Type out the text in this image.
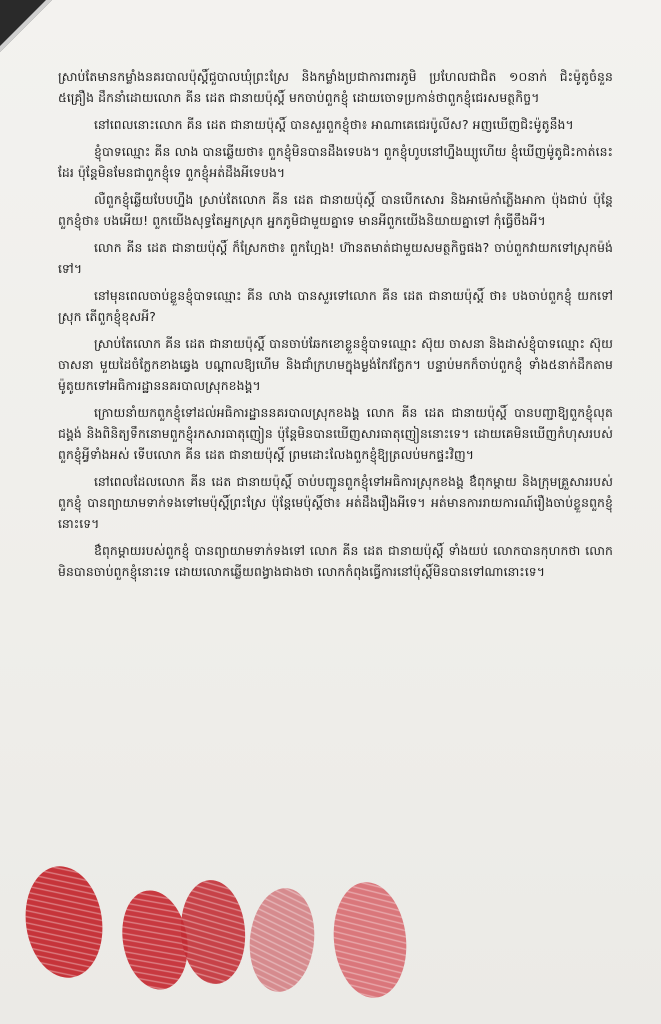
ស្រាប់តែមានកម្លាំងនគរបាលប៉ុស្តិ៍ជួបាលឃុំព្រះស្រែ និងកម្លាំងប្រជាការពារភូមិ ប្រហែលជាជិត ១០នាក់ ជិះម៉ូតូចំនួន ៥គ្រឿង ដឹកនាំដោយលោក គីន ដេត ជានាយប៉ុស្តិ៍ មកចាប់ពួកខ្ញុំ ដោយចោទប្រកាន់ថាពួកខ្ញុំជេរសមត្ថកិច្ច។

នៅពេលនោះលោក គីន ដេត ជានាយប៉ុស្តិ៍ បានសួរពួកខ្ញុំថា៖ អាណាគេជេរប៉ូលីស? អញឃើញជិះម៉ូតូនឹង។

ខ្ញុំបាទឈ្មោះ គីន លាង បានឆ្លើយថា៖ ពួកខ្ញុំមិនបានដឹងទេបង។ ពួកខ្ញុំហូបនៅហ្នឹងឃ្យូហើយ ខ្ញុំឃើញម៉ូតូជិះកាត់នេះដែរ ប៉ុន្តែមិនមែនជាពួកខ្ញុំទេ ពួកខ្ញុំអត់ដឹងអីទេបង។

លឺពួកខ្ញុំឆ្លើយបែបហ្នឹង ស្រាប់តែលោក គីន ដេត ជានាយប៉ុស្តិ៍ បានបើកសោរ និងអាម៉េកាំភ្លើងអាកា ប៉ុងជាប់ ប៉ុន្តែពួកខ្ញុំថា៖ បងអើយ! ពួកយើងសុទ្ធតែអ្នកស្រុក អ្នកភូមិជាមួយគ្នាទេ មានអីពួកយើងនិយាយគ្នាទៅ កុំធ្វើចឹងអី។

លោក គីន ដេត ជានាយប៉ុស្តិ៍ ក៏ស្រែកថា៖ ពួកហ្អែង! ហ៊ានតមាត់ជាមួយសមត្ថកិច្ចផង? ចាប់ពួកវាយកទៅស្រុកម៉ង់ទៅ។

នៅមុនពេលចាប់ខ្លួនខ្ញុំបាទឈ្មោះ គីន លាង បានសួរទៅលោក គីន ដេត ជានាយប៉ុស្តិ៍ ថា៖ បងចាប់ពួកខ្ញុំ យកទៅស្រុក តើពួកខ្ញុំខុសអី?

ស្រាប់តែលោក គីន ដេត ជានាយប៉ុស្តិ៍ បានចាប់ឆែកខោខ្លួនខ្ញុំបាទឈ្មោះ ស៊ុយ ចាសនា និងដាស់ខ្ញុំបាទឈ្មោះ ស៊ុយ ចាសនា មួយដៃចំក្លែកខាងឆ្វេង បណ្តាលឱ្យហើម និងជាំក្រហមក្នុងម្ងង់កែវក្លែក។ បន្ទាប់មកក៏ចាប់ពួកខ្ញុំ ទាំង៥នាក់ដឹកតាមម៉ូតូយកទៅអធិការដ្ឋាននគរបាលស្រុកខងង្គ។

ក្រោយនាំយកពួកខ្ញុំទៅដល់អធិការដ្ឋាននគរបាលស្រុកខងង្គ លោក គីន ដេត ជានាយប៉ុស្តិ៍ បានបញ្ជាឱ្យពួកខ្ញុំលុតជង្គង់ និងពិនិត្យទឹកនោមពួកខ្ញុំរកសារធាតុញៀន ប៉ុន្តែមិនបានឃើញសារធាតុញៀននោះទេ។ ដោយគេមិនឃើញកំហុសរបស់ពួកខ្ញុំអ្វីទាំងអស់ ទើបលោក គីន ដេត ជានាយប៉ុស្តិ៍ ព្រមដោះលែងពួកខ្ញុំឱ្យត្រលប់មកផ្ទះវិញ។

នៅពេលដែលលោក គីន ដេត ជានាយប៉ុស្តិ៍ ចាប់បញ្ជូនពួកខ្ញុំទៅអធិការស្រុកខងង្គ ឳពុកម្តាយ និងក្រុមគ្រួសាររបស់ពួកខ្ញុំ បានព្យាយាមទាក់ទងទៅមេប៉ុស្តិ៍ព្រះស្រែ ប៉ុន្តែមេប៉ុស្តិ៍ថា៖ អត់ដឹងរឿងអីទេ។ អត់មានការរាយការណ៍រឿងចាប់ខ្លួនពួកខ្ញុំនោះទេ។

ឳពុកម្តាយរបស់ពួកខ្ញុំ បានព្យាយាមទាក់ទងទៅ លោក គីន ដេត ជានាយប៉ុស្តិ៍ ទាំងយប់ លោកបានកុហកថា លោកមិនបានចាប់ពួកខ្ញុំនោះទេ ដោយលោកឆ្លើយពង្វាងជាងថា លោកកំពុងធ្វើការនៅប៉ុស្តិ៍មិនបានទៅណានោះទេ។
